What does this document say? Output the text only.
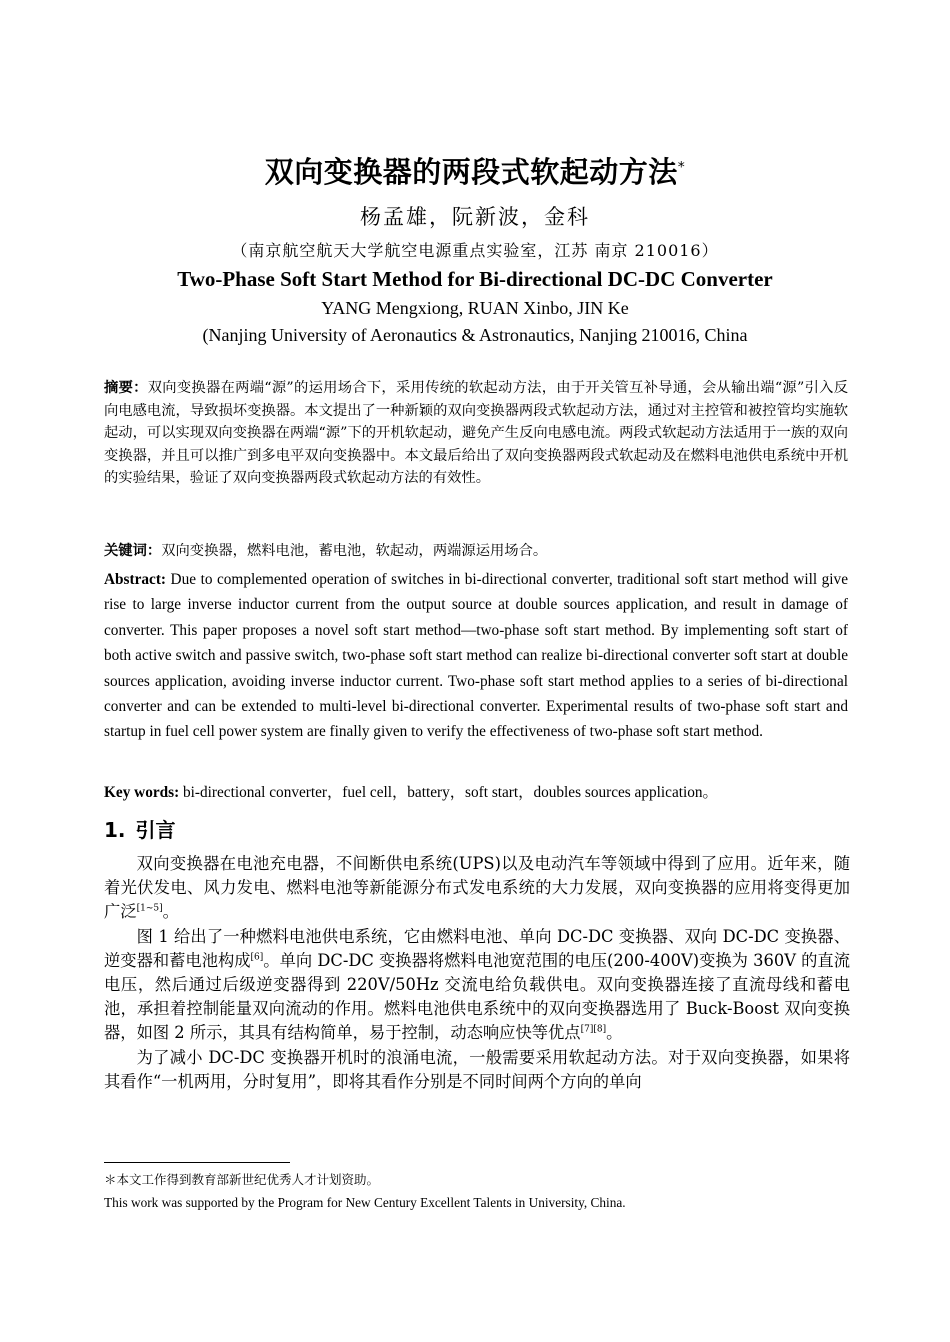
双向变换器的两段式软起动方法*
杨孟雄，阮新波，金科
（南京航空航天大学航空电源重点实验室，江苏 南京 210016）
Two-Phase Soft Start Method for Bi-directional DC-DC Converter
YANG Mengxiong, RUAN Xinbo, JIN Ke
(Nanjing University of Aeronautics & Astronautics, Nanjing 210016, China
摘要：双向变换器在两端“源”的运用场合下，采用传统的软起动方法，由于开关管互补导通，会从输出端“源”引入反向电感电流，导致损坏变换器。本文提出了一种新颖的双向变换器两段式软起动方法，通过对主控管和被控管均实施软起动，可以实现双向变换器在两端“源”下的开机软起动，避免产生反向电感电流。两段式软起动方法适用于一族的双向变换器，并且可以推广到多电平双向变换器中。本文最后给出了双向变换器两段式软起动及在燃料电池供电系统中开机的实验结果，验证了双向变换器两段式软起动方法的有效性。
关键词：双向变换器，燃料电池，蓄电池，软起动，两端源运用场合。
Abstract: Due to complemented operation of switches in bi-directional converter, traditional soft start method will give rise to large inverse inductor current from the output source at double sources application, and result in damage of converter. This paper proposes a novel soft start method—two-phase soft start method. By implementing soft start of both active switch and passive switch, two-phase soft start method can realize bi-directional converter soft start at double sources application, avoiding inverse inductor current. Two-phase soft start method applies to a series of bi-directional converter and can be extended to multi-level bi-directional converter. Experimental results of two-phase soft start and startup in fuel cell power system are finally given to verify the effectiveness of two-phase soft start method.
Key words: bi-directional converter，fuel cell，battery，soft start，doubles sources application。
1. 引言

双向变换器在电池充电器，不间断供电系统(UPS)以及电动汽车等领域中得到了应用。近年来，随着光伏发电、风力发电、燃料电池等新能源分布式发电系统的大力发展，双向变换器的应用将变得更加广泛[1~5]。

图 1 给出了一种燃料电池供电系统，它由燃料电池、单向 DC-DC 变换器、双向 DC-DC 变换器、逆变器和蓄电池构成[6]。单向 DC-DC 变换器将燃料电池宽范围的电压(200-400V)变换为 360V 的直流电压，然后通过后级逆变器得到 220V/50Hz 交流电给负载供电。双向变换器连接了直流母线和蓄电池，承担着控制能量双向流动的作用。燃料电池供电系统中的双向变换器选用了 Buck-Boost 双向变换器，如图 2 所示，其具有结构简单，易于控制，动态响应快等优点[7][8]。

为了减小 DC-DC 变换器开机时的浪涌电流，一般需要采用软起动方法。对于双向变换器，如果将其看作“一机两用，分时复用”，即将其看作分别是不同时间两个方向的单向

＊本文工作得到教育部新世纪优秀人才计划资助。
This work was supported by the Program for New Century Excellent Talents in University, China.
